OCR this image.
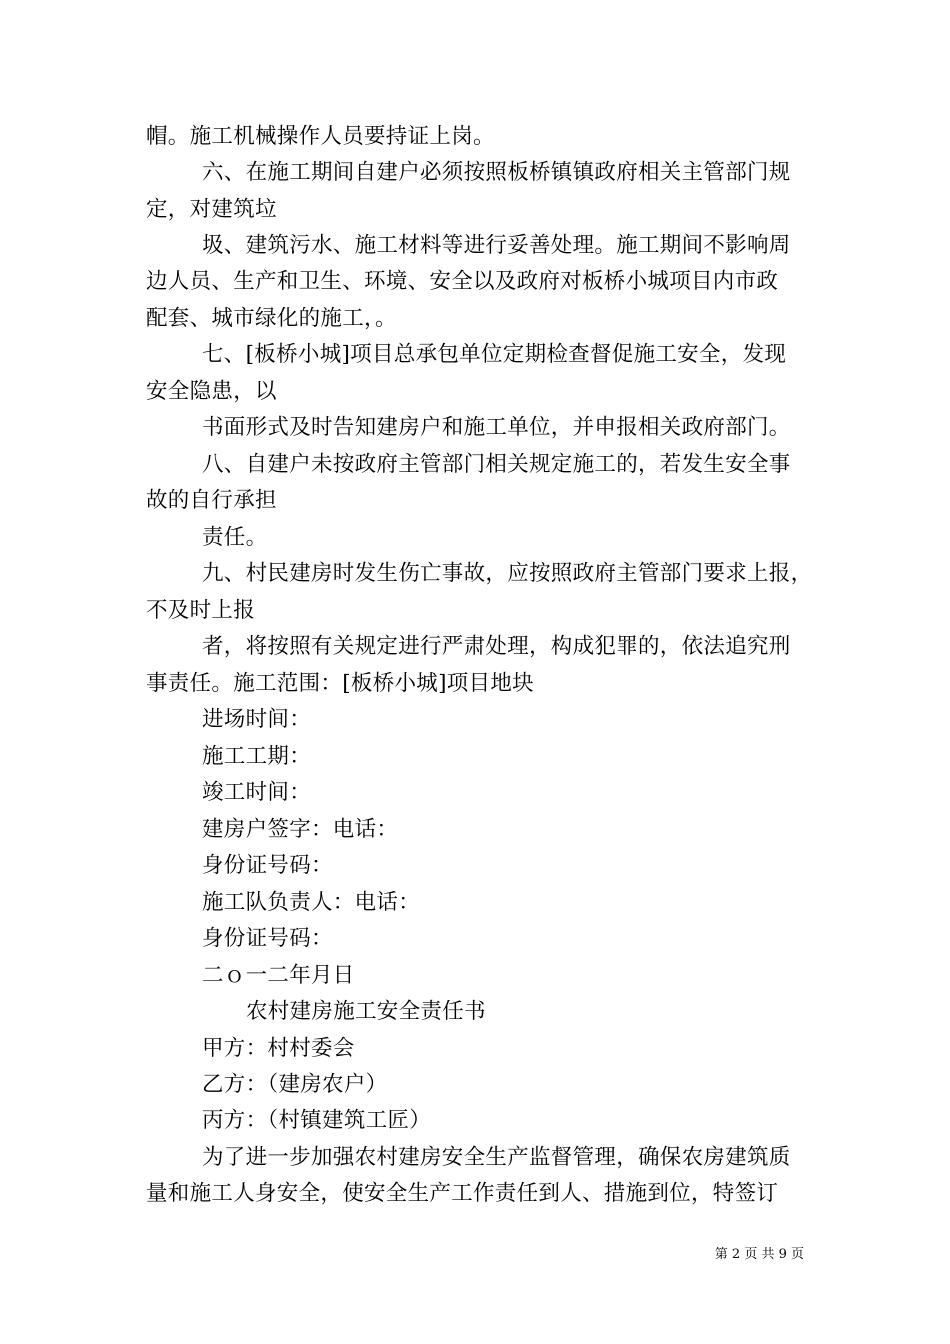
帽。施工机械操作人员要持证上岗。
六、在施工期间自建户必须按照板桥镇镇政府相关主管部门规
定，对建筑垃
圾、建筑污水、施工材料等进行妥善处理。施工期间不影响周
边人员、生产和卫生、环境、安全以及政府对板桥小城项目内市政
配套、城市绿化的施工，。
七、[板桥小城]项目总承包单位定期检查督促施工安全，发现
安全隐患，以
书面形式及时告知建房户和施工单位，并申报相关政府部门。
八、自建户未按政府主管部门相关规定施工的，若发生安全事
故的自行承担
责任。
九、村民建房时发生伤亡事故，应按照政府主管部门要求上报，
不及时上报
者，将按照有关规定进行严肃处理，构成犯罪的，依法追究刑
事责任。施工范围：[板桥小城]项目地块
进场时间：
施工工期：
竣工时间：
建房户签字：电话：
身份证号码：
施工队负责人：电话：
身份证号码：
二ｏ一二年月日
农村建房施工安全责任书
甲方：村村委会
乙方：（建房农户）
丙方：（村镇建筑工匠）
为了进一步加强农村建房安全生产监督管理，确保农房建筑质
量和施工人身安全，使安全生产工作责任到人、措施到位，特签订
第 2 页 共 9 页
